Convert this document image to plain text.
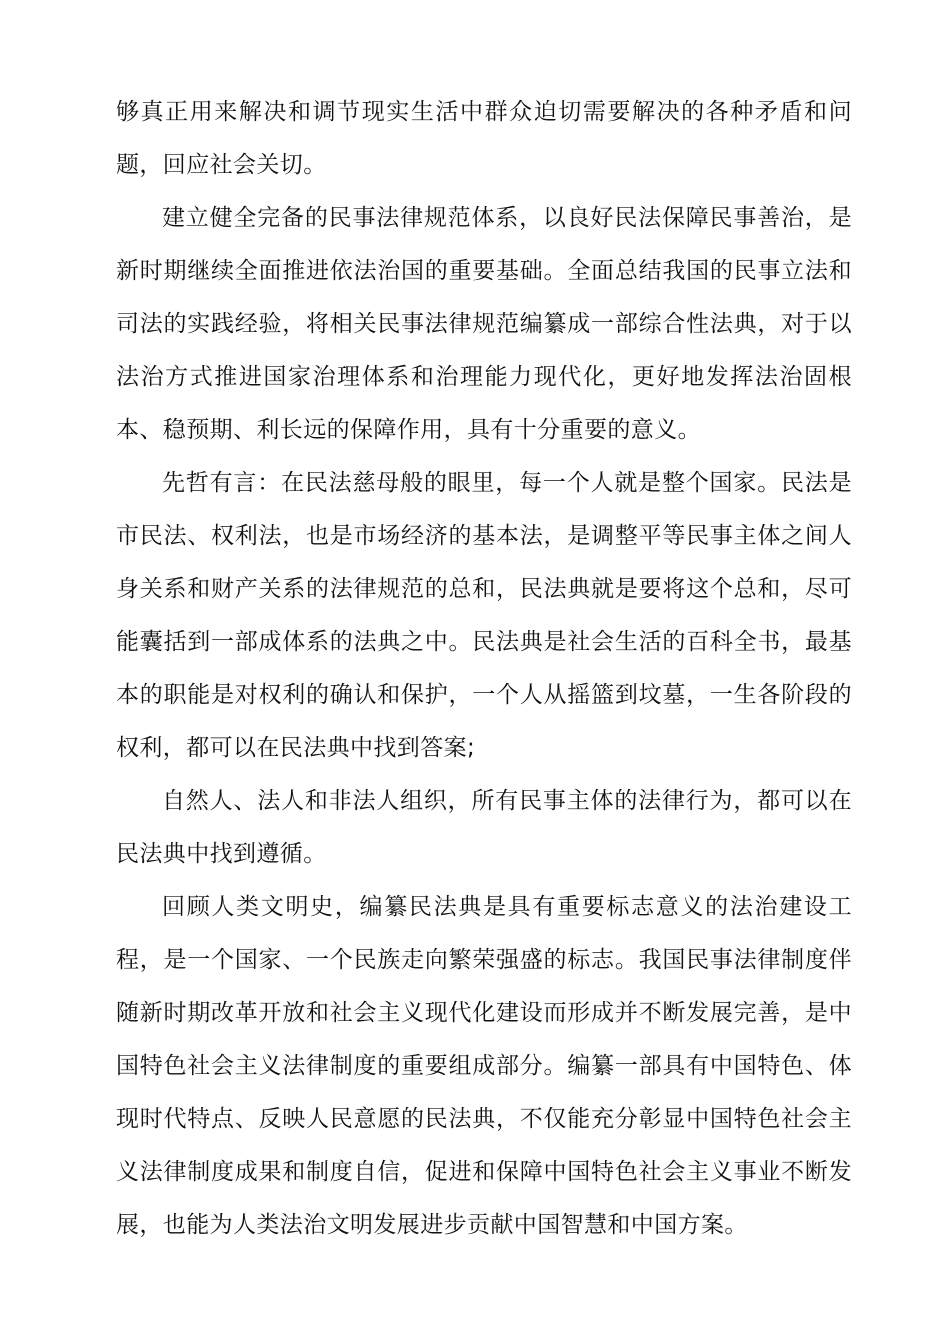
够真正用来解决和调节现实生活中群众迫切需要解决的各种矛盾和问题，回应社会关切。

建立健全完备的民事法律规范体系，以良好民法保障民事善治，是新时期继续全面推进依法治国的重要基础。全面总结我国的民事立法和司法的实践经验，将相关民事法律规范编纂成一部综合性法典，对于以法治方式推进国家治理体系和治理能力现代化，更好地发挥法治固根本、稳预期、利长远的保障作用，具有十分重要的意义。

先哲有言：在民法慈母般的眼里，每一个人就是整个国家。民法是市民法、权利法，也是市场经济的基本法，是调整平等民事主体之间人身关系和财产关系的法律规范的总和，民法典就是要将这个总和，尽可能囊括到一部成体系的法典之中。民法典是社会生活的百科全书，最基本的职能是对权利的确认和保护，一个人从摇篮到坟墓，一生各阶段的权利，都可以在民法典中找到答案;

自然人、法人和非法人组织，所有民事主体的法律行为，都可以在民法典中找到遵循。

回顾人类文明史，编纂民法典是具有重要标志意义的法治建设工程，是一个国家、一个民族走向繁荣强盛的标志。我国民事法律制度伴随新时期改革开放和社会主义现代化建设而形成并不断发展完善，是中国特色社会主义法律制度的重要组成部分。编纂一部具有中国特色、体现时代特点、反映人民意愿的民法典，不仅能充分彰显中国特色社会主义法律制度成果和制度自信，促进和保障中国特色社会主义事业不断发展，也能为人类法治文明发展进步贡献中国智慧和中国方案。
